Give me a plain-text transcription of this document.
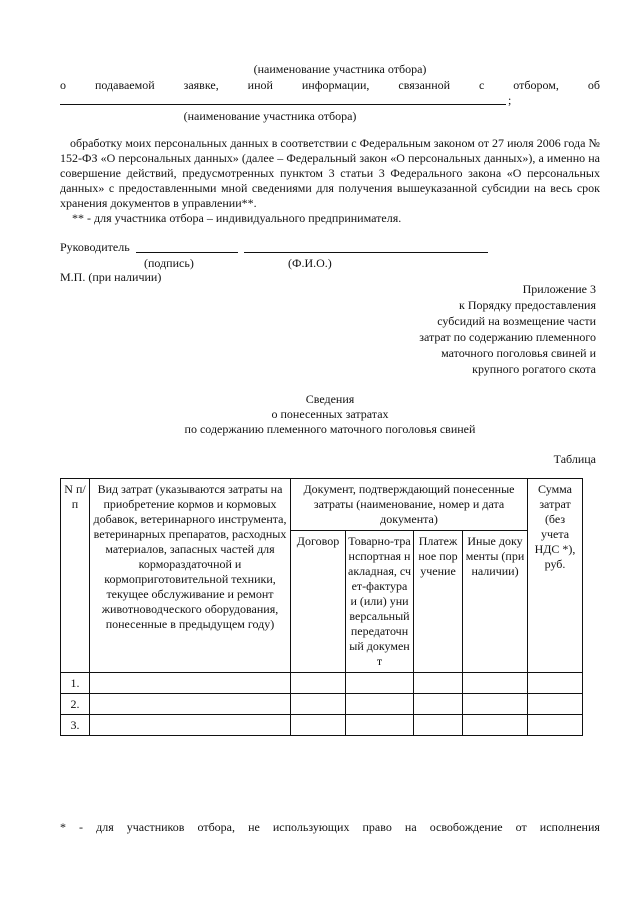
(наименование участника отбора)
о подаваемой заявке, иной информации, связанной с отбором, об
;
(наименование участника отбора)
обработку моих персональных данных в соответствии с Федеральным законом от 27 июля 2006 года № 152-ФЗ «О персональных данных» (далее – Федеральный закон «О персональных данных»), а именно на совершение действий, предусмотренных пунктом 3 статьи 3 Федерального закона «О персональных данных» с предоставленными мной сведениями для получения вышеуказанной субсидии на весь срок хранения документов в управлении**.
** - для участника отбора – индивидуального предпринимателя.
Руководитель
(подпись)	(Ф.И.О.)
М.П. (при наличии)
Приложение 3
к Порядку предоставления
субсидий на возмещение части
затрат по содержанию племенного
маточного поголовья свиней и
крупного рогатого скота
Сведения
о понесенных затратах
по содержанию племенного маточного поголовья свиней
Таблица
N п/п	Вид затрат (указываются затраты на приобретение кормов и кормовых добавок, ветеринарного инструмента, ветеринарных препаратов, расходных материалов, запасных частей для кормораздаточной и кормоприготовительной техники, текущее обслуживание и ремонт животноводческого оборудования, понесенные в предыдущем году)	Документ, подтверждающий понесенные затраты (наименование, номер и дата документа)				Сумма затрат (без учета НДС *), руб.
		Договор	Товарно-транспортная накладная, счет-фактура и (или) универсальный передаточный документ	Платежное поручение	Иные документы (при наличии)	
1.						
2.						
3.						
* - для участников отбора, не использующих право на освобождение от исполнения
